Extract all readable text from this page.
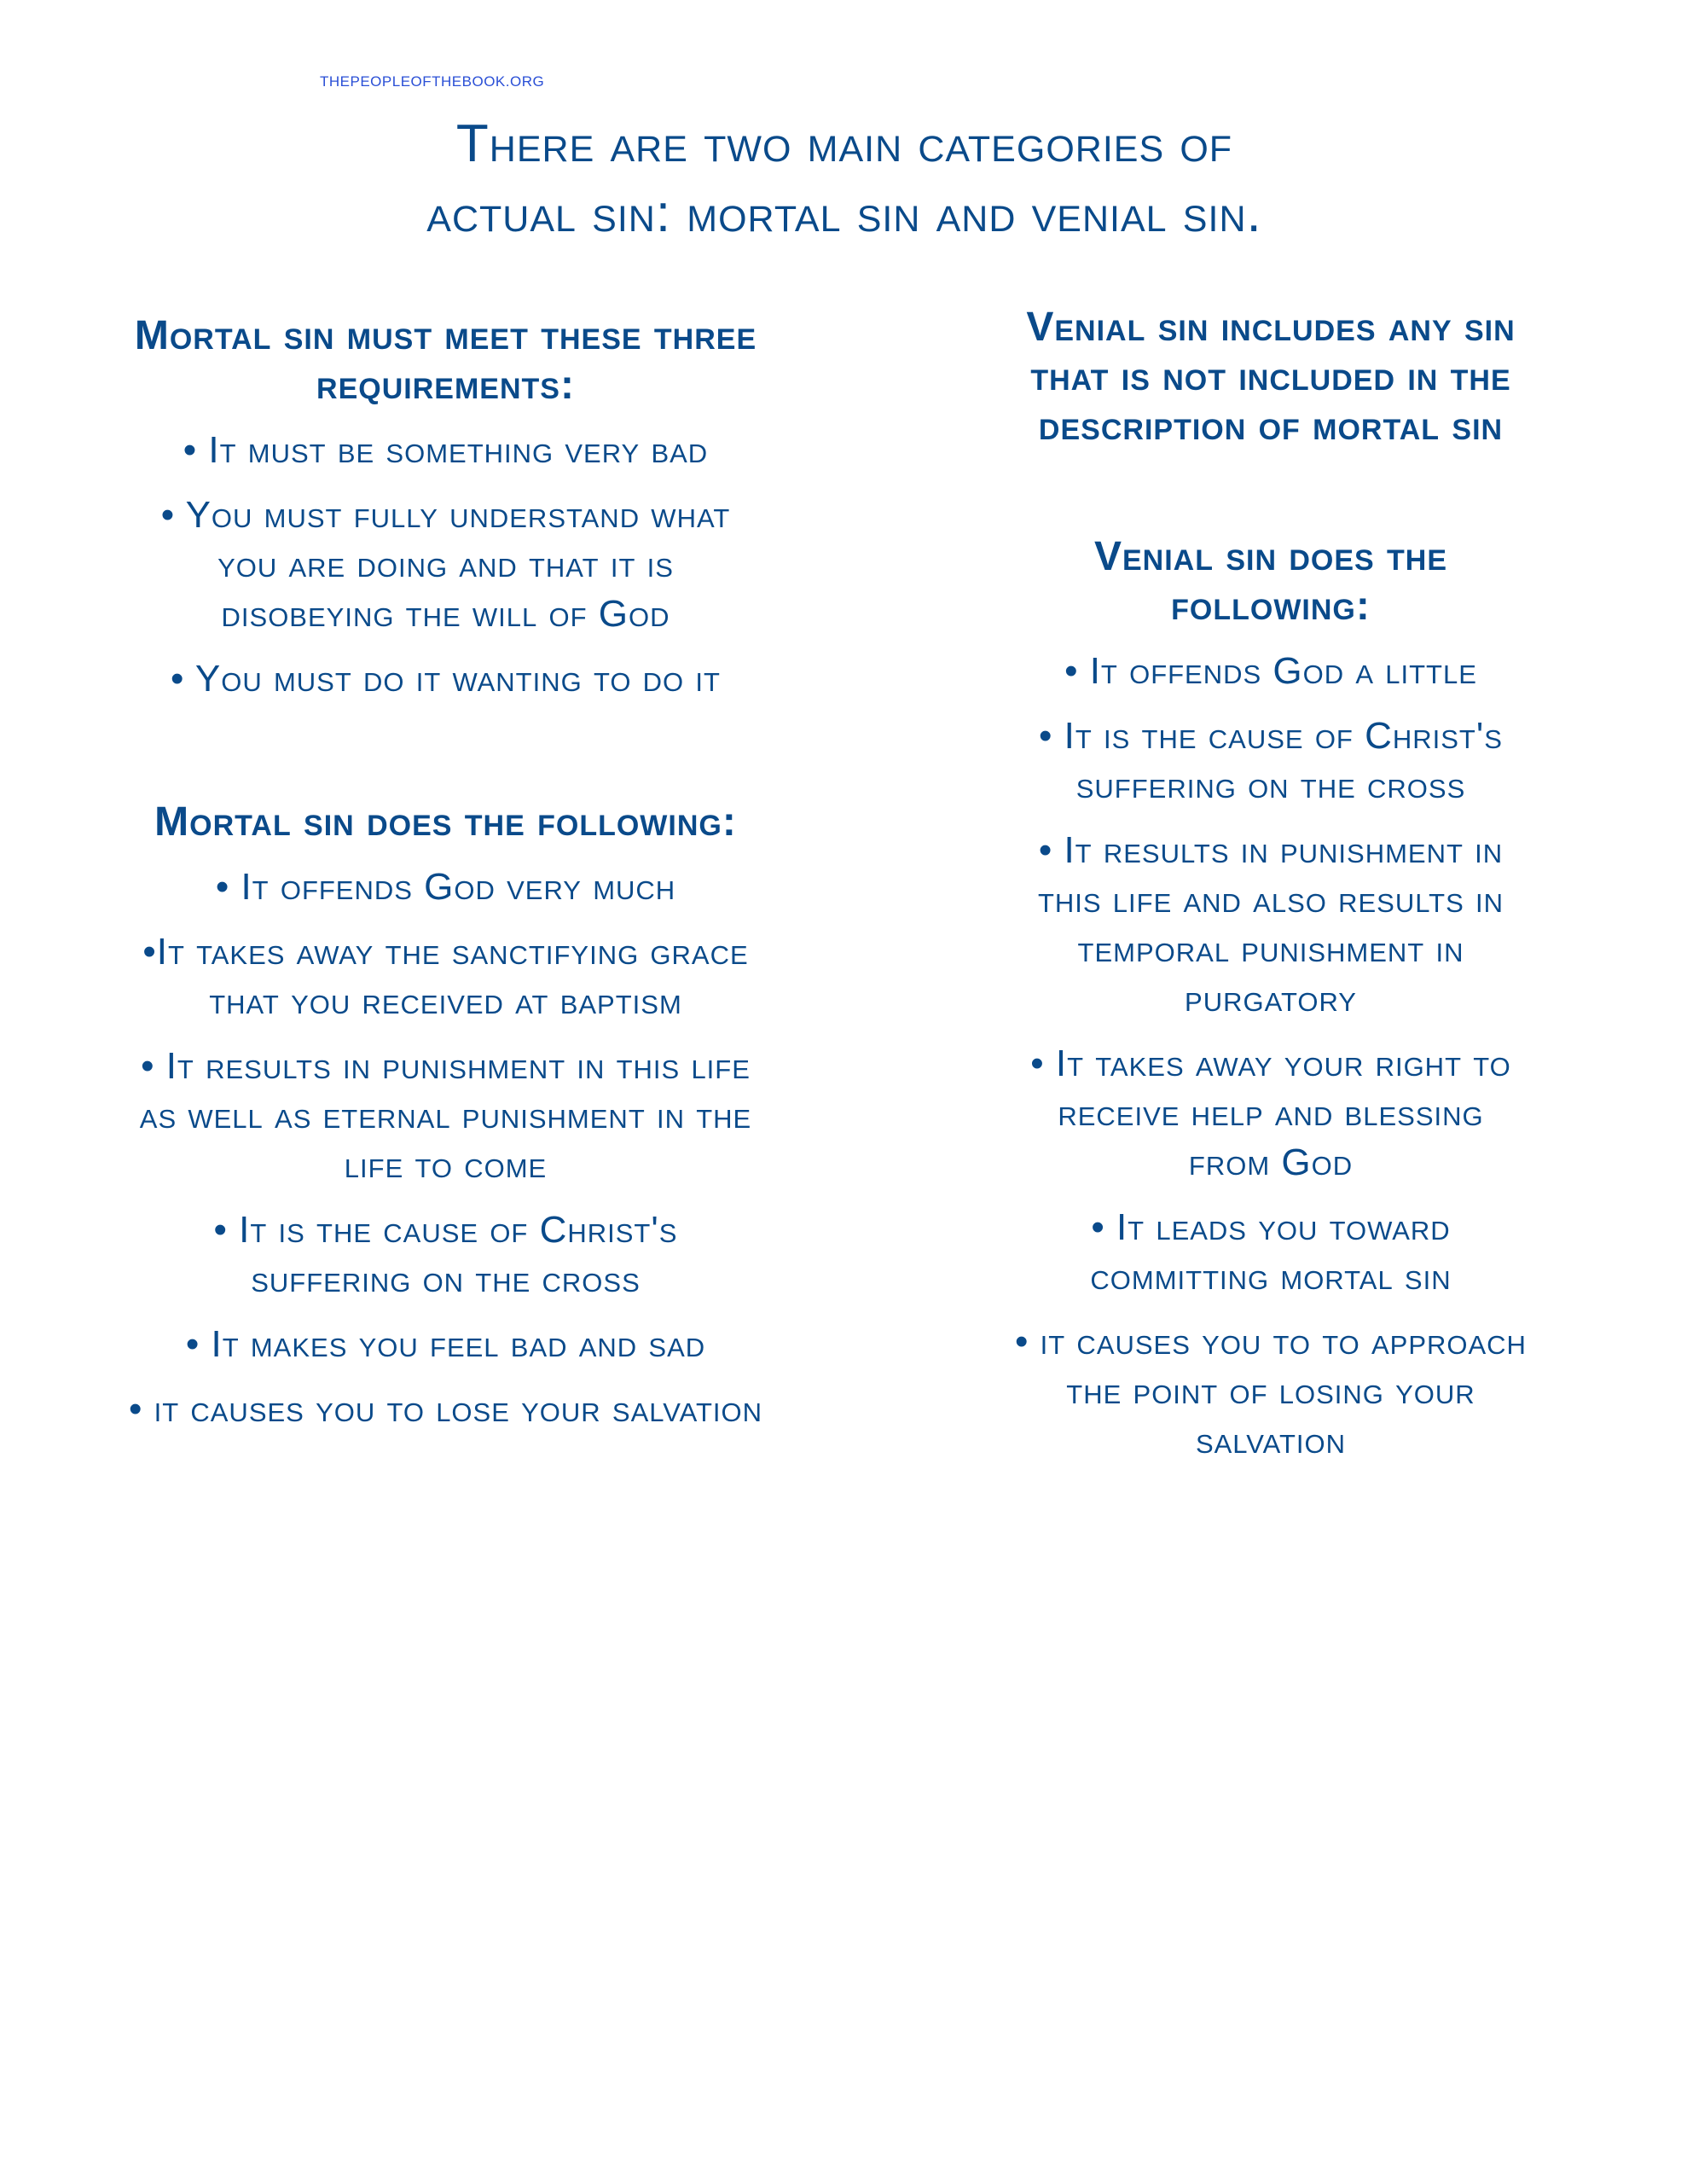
THEPEOPLEOFTHEBOOK.ORG
There are two main categories of
actual sin: mortal sin and venial sin.
Mortal sin must meet these three requirements:
• It must be something very bad
• You must fully understand what you are doing and that it is disobeying the will of God
• You must do it wanting to do it
Mortal sin does the following:
• It offends God very much
•It takes away the sanctifying grace that you received at baptism
• It results in punishment in this life as well as eternal punishment in the life to come
• It is the cause of Christ's suffering on the cross
• It makes you feel bad and sad
• it causes you to lose your salvation
Venial sin includes any sin that is not included in the description of mortal sin
Venial sin does the following:
• It offends God a little
• It is the cause of Christ's suffering on the cross
• It results in punishment in this life and also results in temporal punishment in purgatory
• It takes away your right to receive help and blessing from God
• It leads you toward committing mortal sin
• it causes you to to approach the point of losing your salvation
